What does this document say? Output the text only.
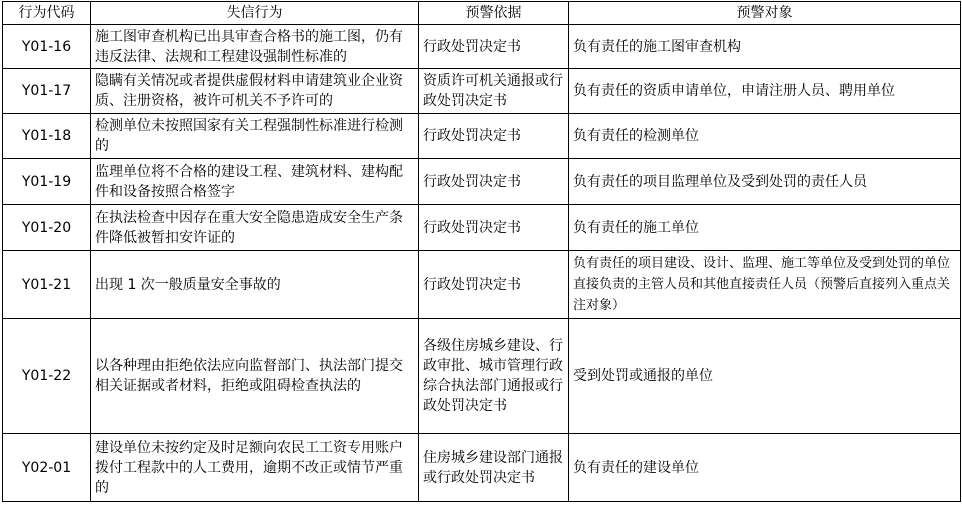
行为代码	失信行为	预警依据	预警对象
Y01-16	施工图审查机构已出具审查合格书的施工图，仍有违反法律、法规和工程建设强制性标准的	行政处罚决定书	负有责任的施工图审查机构
Y01-17	隐瞒有关情况或者提供虚假材料申请建筑业企业资质、注册资格，被许可机关不予许可的	资质许可机关通报或行政处罚决定书	负有责任的资质申请单位，申请注册人员、聘用单位
Y01-18	检测单位未按照国家有关工程强制性标准进行检测的	行政处罚决定书	负有责任的检测单位
Y01-19	监理单位将不合格的建设工程、建筑材料、建构配件和设备按照合格签字	行政处罚决定书	负有责任的项目监理单位及受到处罚的责任人员
Y01-20	在执法检查中因存在重大安全隐患造成安全生产条件降低被暂扣安许证的	行政处罚决定书	负有责任的施工单位
Y01-21	出现 1 次一般质量安全事故的	行政处罚决定书	负有责任的项目建设、设计、监理、施工等单位及受到处罚的单位直接负责的主管人员和其他直接责任人员（预警后直接列入重点关注对象）
Y01-22	以各种理由拒绝依法应向监督部门、执法部门提交相关证据或者材料，拒绝或阻碍检查执法的	各级住房城乡建设、行政审批、城市管理行政综合执法部门通报或行政处罚决定书	受到处罚或通报的单位
Y02-01	建设单位未按约定及时足额向农民工工资专用账户拨付工程款中的人工费用，逾期不改正或情节严重的	住房城乡建设部门通报或行政处罚决定书	负有责任的建设单位
